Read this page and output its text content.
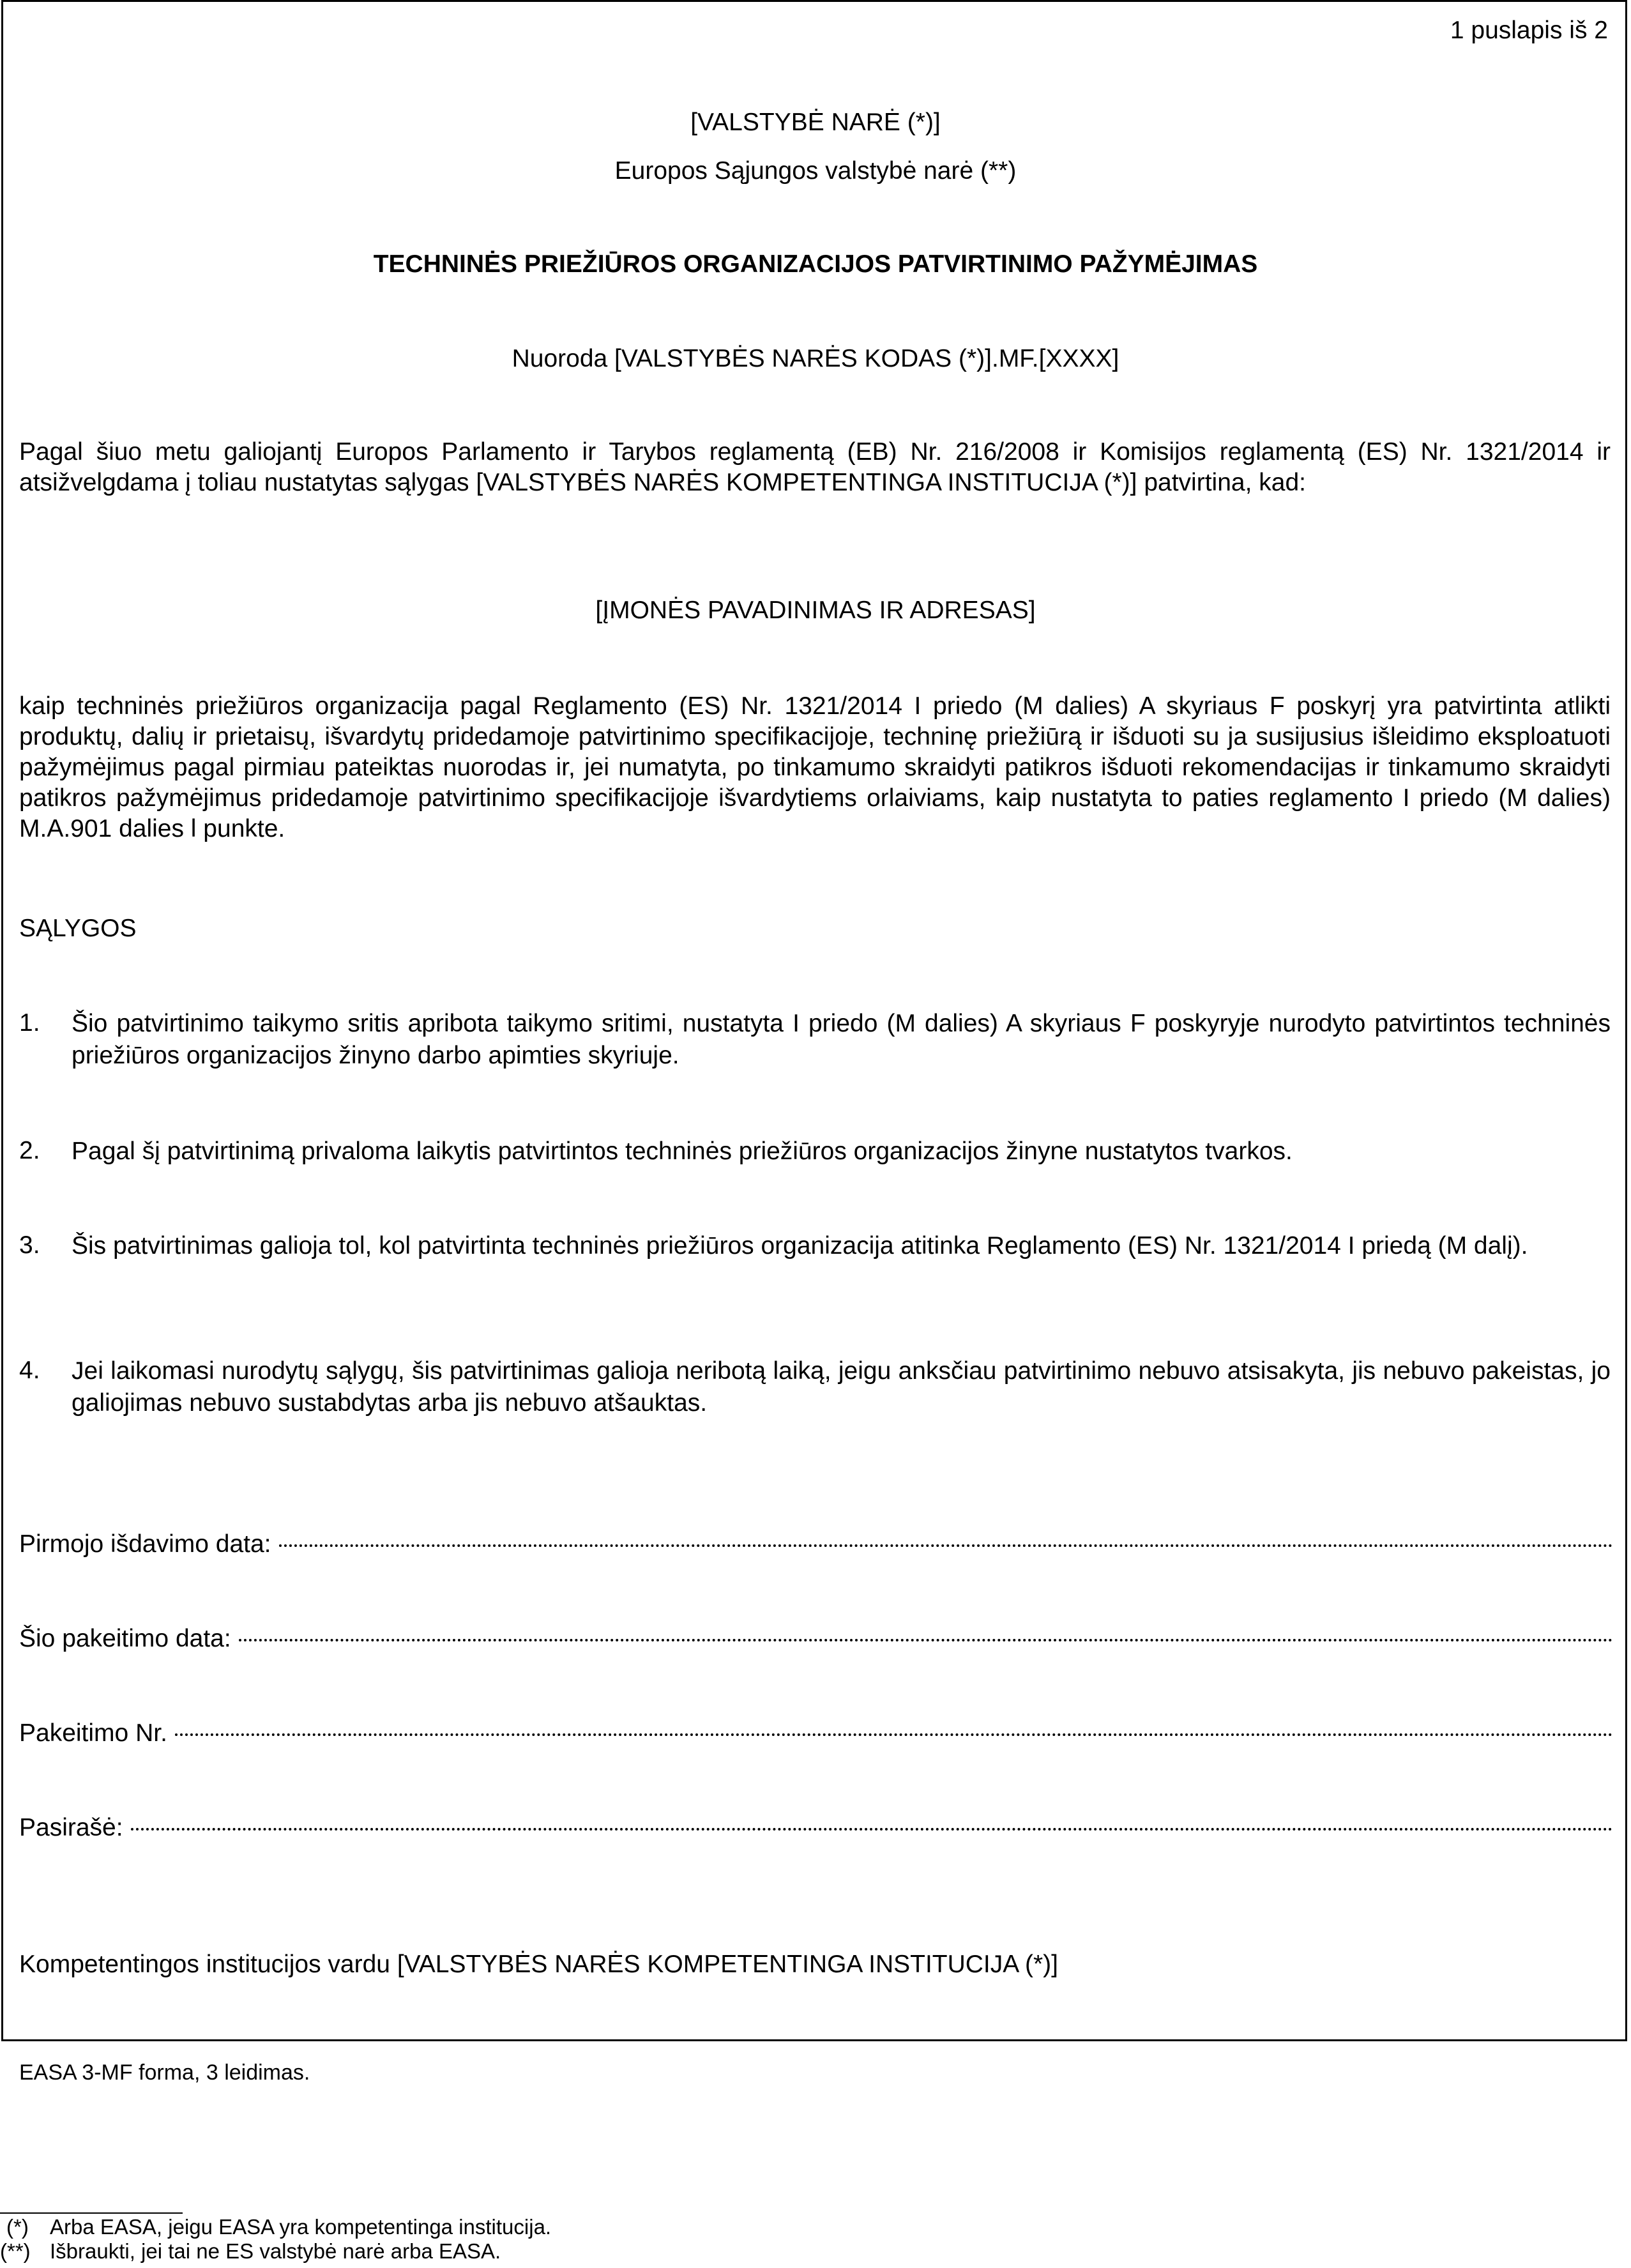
1 puslapis iš 2
[VALSTYBĖ NARĖ (*)]
Europos Sąjungos valstybė narė (**)
TECHNINĖS PRIEŽIŪROS ORGANIZACIJOS PATVIRTINIMO PAŽYMĖJIMAS
Nuoroda [VALSTYBĖS NARĖS KODAS (*)].MF.[XXXX]
Pagal šiuo metu galiojantį Europos Parlamento ir Tarybos reglamentą (EB) Nr. 216/2008 ir Komisijos reglamentą (ES) Nr. 1321/2014 ir atsižvelgdama į toliau nustatytas sąlygas [VALSTYBĖS NARĖS KOMPETENTINGA INSTITUCIJA (*)] patvirtina, kad:
[ĮMONĖS PAVADINIMAS IR ADRESAS]
kaip techninės priežiūros organizacija pagal Reglamento (ES) Nr. 1321/2014 I priedo (M dalies) A skyriaus F poskyrį yra patvirtinta atlikti produktų, dalių ir prietaisų, išvardytų pridedamoje patvirtinimo specifikacijoje, techninę priežiūrą ir išduoti su ja susijusius išleidimo eksploatuoti pažymėjimus pagal pirmiau pateiktas nuorodas ir, jei numatyta, po tinkamumo skraidyti patikros išduoti rekomendacijas ir tinkamumo skraidyti patikros pažymėjimus pridedamoje patvirtinimo specifikacijoje išvardytiems orlaiviams, kaip nustatyta to paties reglamento I priedo (M dalies) M.A.901 dalies l punkte.
SĄLYGOS
1. Šio patvirtinimo taikymo sritis apribota taikymo sritimi, nustatyta I priedo (M dalies) A skyriaus F poskyryje nurodyto patvirtintos techninės priežiūros organizacijos žinyno darbo apimties skyriuje.
2. Pagal šį patvirtinimą privaloma laikytis patvirtintos techninės priežiūros organizacijos žinyne nustatytos tvarkos.
3. Šis patvirtinimas galioja tol, kol patvirtinta techninės priežiūros organizacija atitinka Reglamento (ES) Nr. 1321/2014 I priedą (M dalį).
4. Jei laikomasi nurodytų sąlygų, šis patvirtinimas galioja neribotą laiką, jeigu anksčiau patvirtinimo nebuvo atsisakyta, jis nebuvo pakeistas, jo galiojimas nebuvo sustabdytas arba jis nebuvo atšauktas.
Pirmojo išdavimo data:
Šio pakeitimo data:
Pakeitimo Nr.
Pasirašė:
Kompetentingos institucijos vardu [VALSTYBĖS NARĖS KOMPETENTINGA INSTITUCIJA (*)]
EASA 3-MF forma, 3 leidimas.
(*) Arba EASA, jeigu EASA yra kompetentinga institucija.
(**) Išbraukti, jei tai ne ES valstybė narė arba EASA.
